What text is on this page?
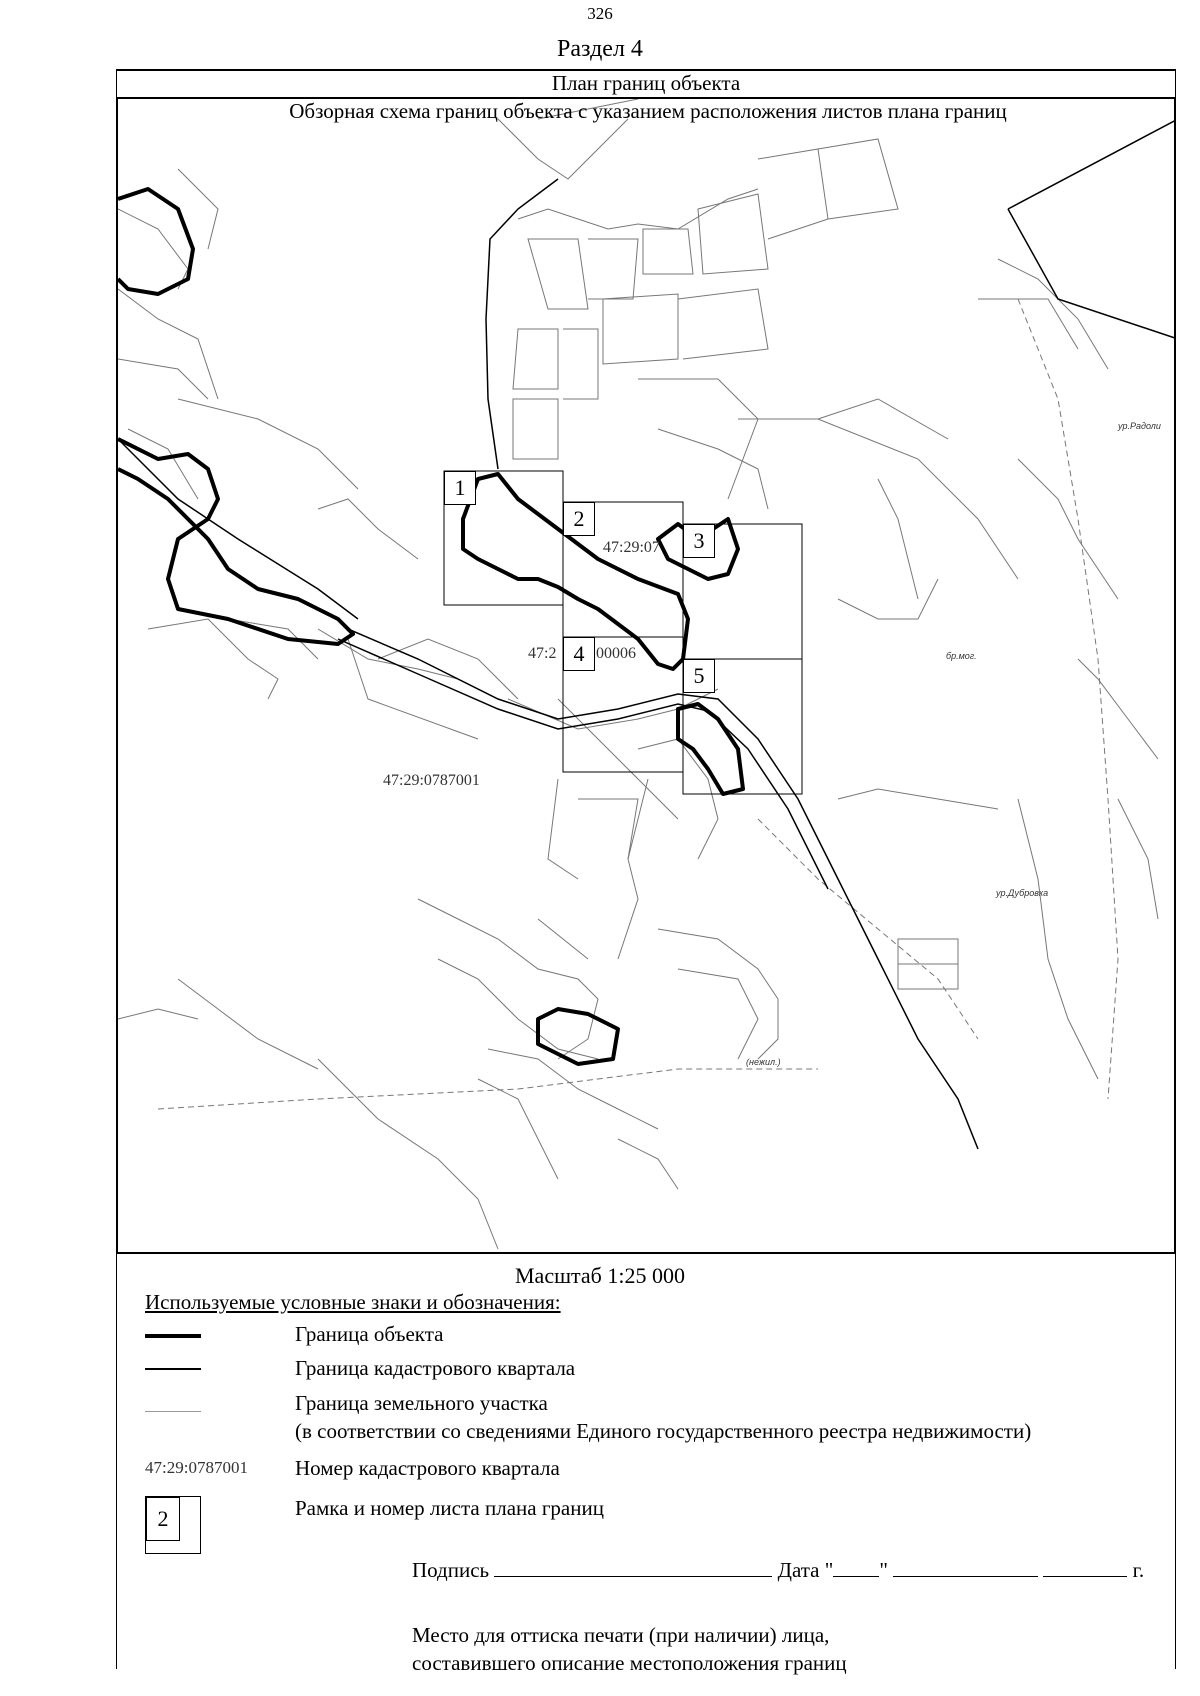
326
Раздел 4
План границ объекта
Обзорная схема границ объекта с указанием расположения листов плана границ
47:29:0787001
47:2 00006
47:29:07
ур.Радоли
бр.мог.
ур.Дубровка
(нежил.)
1
2
3
4
5
Масштаб 1:25 000
Используемые условные знаки и обозначения:
Граница объекта
Граница кадастрового квартала
Граница земельного участка
(в соответствии со сведениями Единого государственного реестра недвижимости)
47:29:0787001 Номер кадастрового квартала
2	Рамка и номер листа плана границ
Подпись	Дата " "	г.
Место для оттиска печати (при наличии) лица,
составившего описание местоположения границ
